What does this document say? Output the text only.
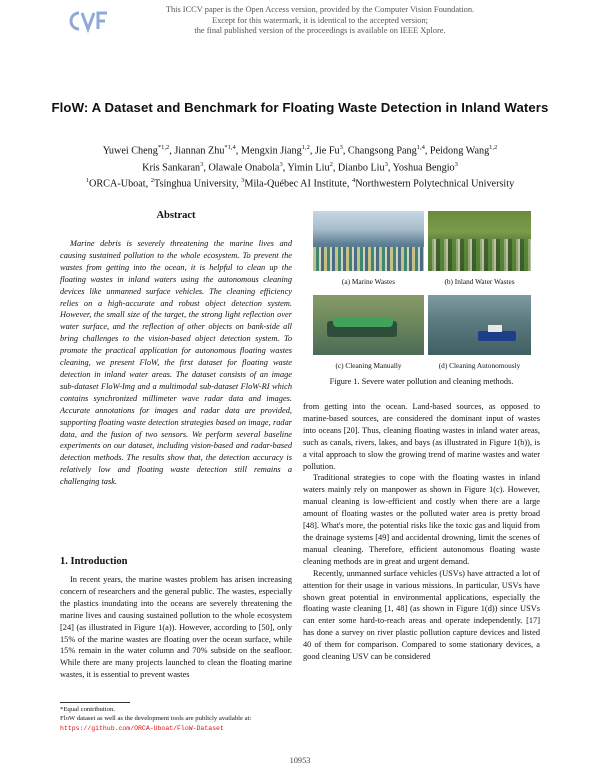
This ICCV paper is the Open Access version, provided by the Computer Vision Foundation.
Except for this watermark, it is identical to the accepted version;
the final published version of the proceedings is available on IEEE Xplore.
FloW: A Dataset and Benchmark for Floating Waste Detection in Inland Waters
Yuwei Cheng$^{*1,2}$, Jiannan Zhu$^{*1,4}$, Mengxin Jiang$^{1,2}$, Jie Fu$^3$, Changsong Pang$^{1,4}$, Peidong Wang$^{1,2}$
Kris Sankaran$^3$, Olawale Onabola$^3$, Yimin Liu$^2$, Dianbo Liu$^3$, Yoshua Bengio$^3$
$^1$ORCA-Uboat, $^2$Tsinghua University, $^3$Mila-Québec AI Institute, $^4$Northwestern Polytechnical University
Abstract
Marine debris is severely threatening the marine lives and causing sustained pollution to the whole ecosystem. To prevent the wastes from getting into the ocean, it is helpful to clean up the floating wastes in inland waters using the autonomous cleaning devices like unmanned surface vehicles. The cleaning efficiency relies on a high-accurate and robust object detection system. However, the small size of the target, the strong light reflection over water surface, and the reflection of other objects on bank-side all bring challenges to the vision-based object detection system. To promote the practical application for autonomous floating wastes cleaning, we present FloW, the first dataset for floating waste detection in inland water areas. The dataset consists of an image sub-dataset FloW-Img and a multimodal sub-dataset FloW-RI which contains synchronized millimeter wave radar data and images. Accurate annotations for images and radar data are provided, supporting floating waste detection strategies based on image, radar data, and the fusion of two sensors. We perform several baseline experiments on our dataset, including vision-based and radar-based detection methods. The results show that, the detection accuracy is relatively low and floating waste detection still remains a challenging task.
1. Introduction

In recent years, the marine wastes problem has arisen increasing concern of researchers and the general public. The wastes, especially the plastics inundating into the oceans are severely threatening the marine lives and causing sustained pollution to the whole ecosystem [24] (as illustrated in Figure 1(a)). However, according to [50], only 15% of the marine wastes are floating over the ocean surface, while 15% remain in the water column and 70% subside on the seafloor. While there are many projects launched to clean the floating marine wastes, it is essential to prevent wastes

*Equal contribution.
FloW dataset as well as the development tools are publicly available at: https://github.com/ORCA-Uboat/FloW-Dataset
(a) Marine Wastes	(b) Inland Water Wastes
(c) Cleaning Manually	(d) Cleaning Autonomously
Figure 1. Severe water pollution and cleaning methods.

from getting into the ocean. Land-based sources, as opposed to marine-based sources, are considered the dominant input of wastes into oceans [20]. Thus, cleaning floating wastes in inland water areas, such as canals, rivers, lakes, and bays (as illustrated in Figure 1(b)), is a vital approach to slow the growing trend of marine wastes and water pollution.

Traditional strategies to cope with the floating wastes in inland waters mainly rely on manpower as shown in Figure 1(c). However, manual cleaning is low-efficient and costly when there are a large amount of floating wastes or the polluted water area is pretty broad [48]. What's more, the potential risks like the toxic gas and liquid from the drainage systems [49] and accidental drowning, limit the scenes of manual cleaning. Therefore, efficient autonomous floating waste cleaning methods are in great and urgent demand.

Recently, unmanned surface vehicles (USVs) have attracted a lot of attention for their usage in various missions. In particular, USVs have shown great potential in environmental applications, especially the floating waste cleaning [1, 48] (as shown in Figure 1(d)) since USVs can enter some hard-to-reach areas and operate independently. [17] has done a survey on river plastic pollution capture devices and listed 40 of them for comparison. Compared to some stationary devices, a good cleaning USV can be considered

10953
